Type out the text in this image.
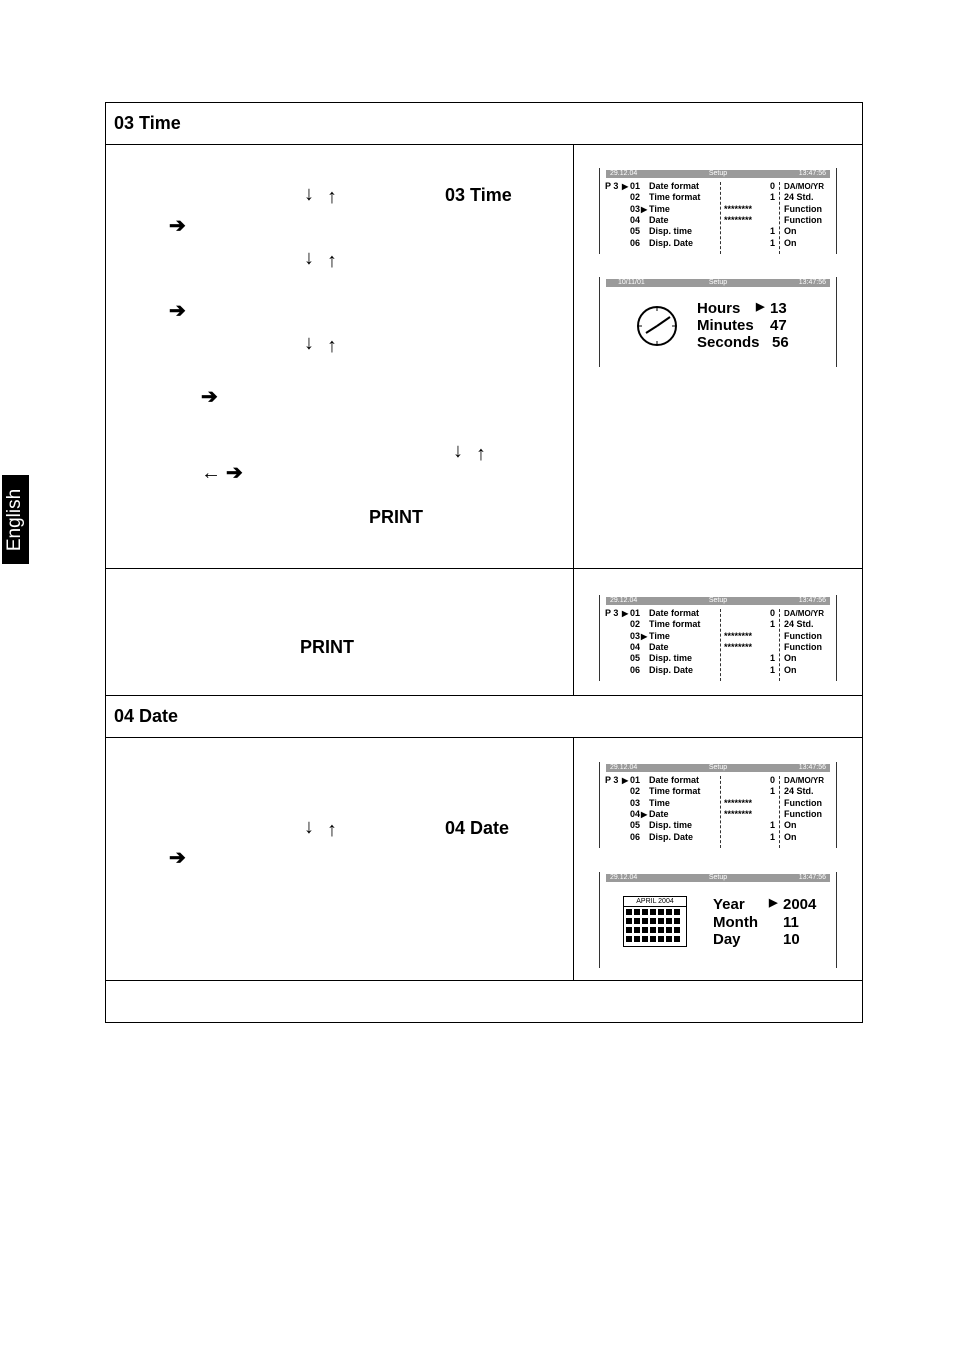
English
03 Time
↓ ↑	03 Time
➔
↓ ↑
➔
↓ ↑
➔
↓ ↑
← ➔
PRINT
PRINT
04 Date
↓ ↑	04 Date
➔
29.12.04	Setup	13:47:56
P 3 ▶ 01 Date format	0 DA/MO/YR
02 Time format	1 24 Std.
03 ▶ Time	********	Function
04 Date	********	Function
05 Disp. time	1 On
06 Disp. Date	1 On
10/11/01	Setup	13:47:56
Hours ▶ 13
Minutes 47
Seconds 56
29.12.04	Setup	13:47:56
P 3 ▶ 01 Date format	0 DA/MO/YR
02 Time format	1 24 Std.
03 ▶ Time	********	Function
04 Date	********	Function
05 Disp. time	1 On
06 Disp. Date	1 On
29.12.04	Setup	13:47:56
P 3 ▶ 01 Date format	0 DA/MO/YR
02 Time format	1 24 Std.
03 Time	********	Function
04 ▶ Date	********	Function
05 Disp. time	1 On
06 Disp. Date	1 On
29.12.04	Setup	13:47:56
APRIL 2004	Year ▶ 2004
Month 11
Day	10
